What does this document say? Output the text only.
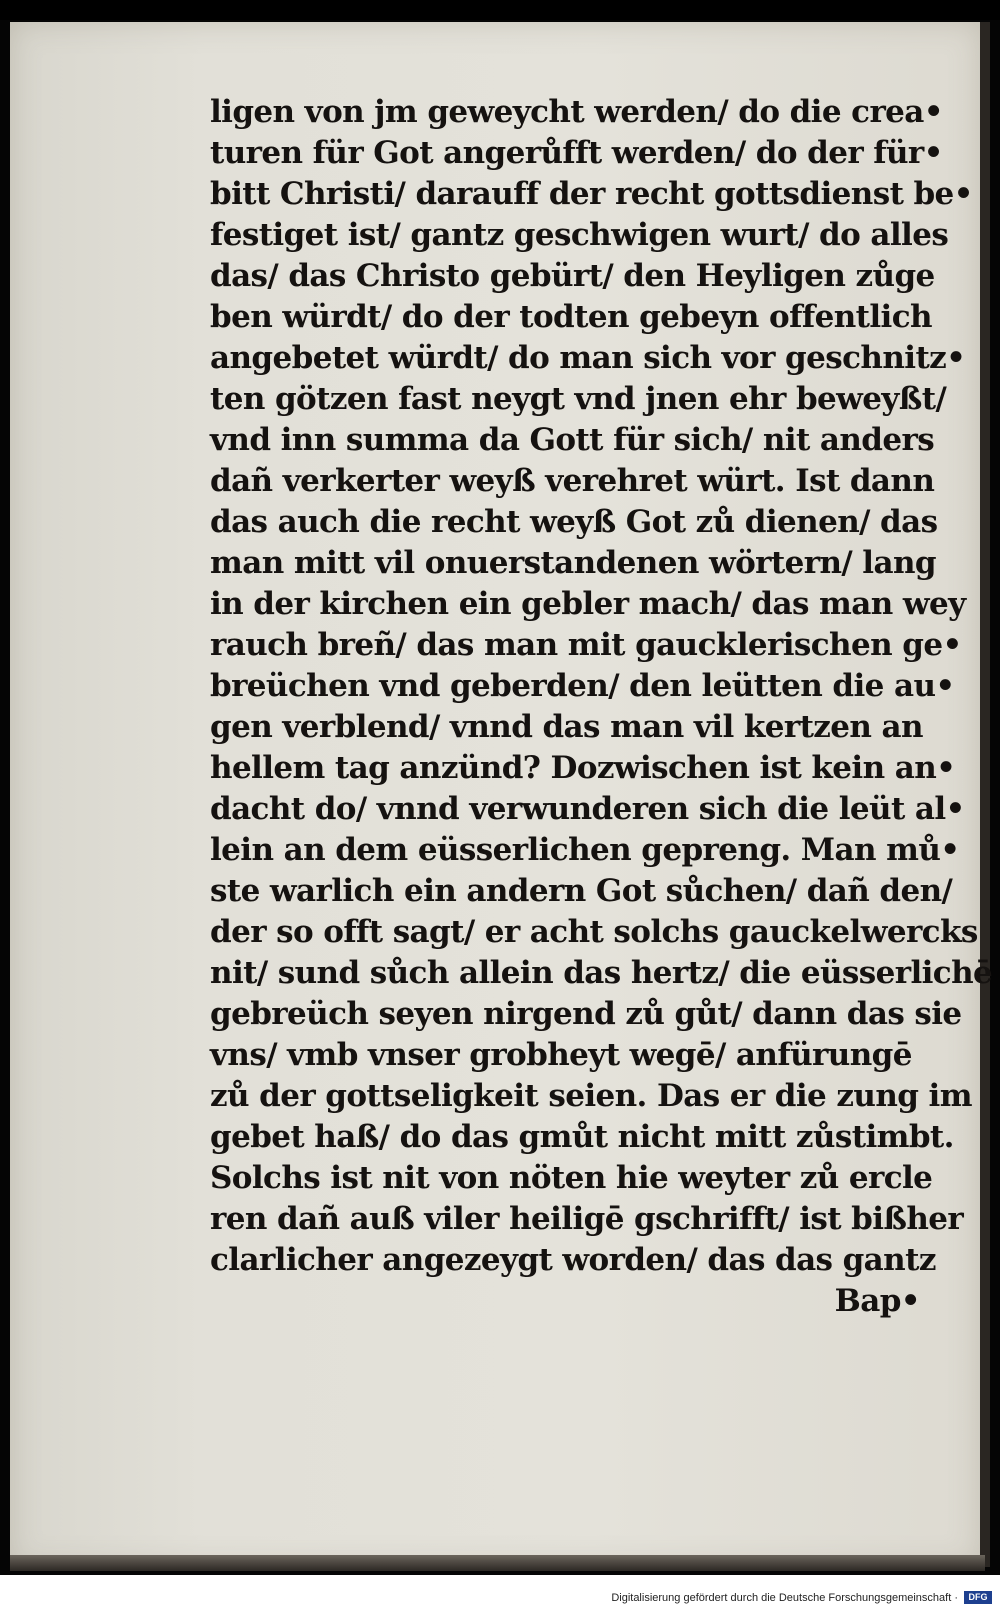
ligen von jm geweycht werden/ do die crea•
turen für Got angerůfft werden/ do der für•
bitt Christi/ darauff der recht gottsdienst be•
festiget ist/ gantz geschwigen wurt/ do alles
das/ das Christo gebürt/ den Heyligen zůge
ben würdt/ do der todten gebeyn offentlich
angebetet würdt/ do man sich vor geschnitz•
ten götzen fast neygt vnd jnen ehr beweyßt/
vnd inn summa da Gott für sich/ nit anders
dañ verkerter weyß verehret würt. Ist dann
das auch die recht weyß Got zů dienen/ das
man mitt vil onuerstandenen wörtern/ lang
in der kirchen ein gebler mach/ das man wey
rauch breñ/ das man mit gaucklerischen ge•
breüchen vnd geberden/ den leütten die au•
gen verblend/ vnnd das man vil kertzen an
hellem tag anzünd? Dozwischen ist kein an•
dacht do/ vnnd verwunderen sich die leüt al•
lein an dem eüsserlichen gepreng. Man mů•
ste warlich ein andern Got sůchen/ dañ den/
der so offt sagt/ er acht solchs gauckelwercks
nit/ sund sůch allein das hertz/ die eüsserlichē
gebreüch seyen nirgend zů gůt/ dann das sie
vns/ vmb vnser grobheyt wegē/ anfürungē
zů der gottseligkeit seien. Das er die zung im
gebet haß/ do das gmůt nicht mitt zůstimbt.
Solchs ist nit von nöten hie weyter zů ercle
ren dañ auß viler heiligē gschrifft/ ist bißher
clarlicher angezeygt worden/ das das gantz
Bap•
Digitalisierung gefördert durch die Deutsche Forschungsgemeinschaft ·	DFG
